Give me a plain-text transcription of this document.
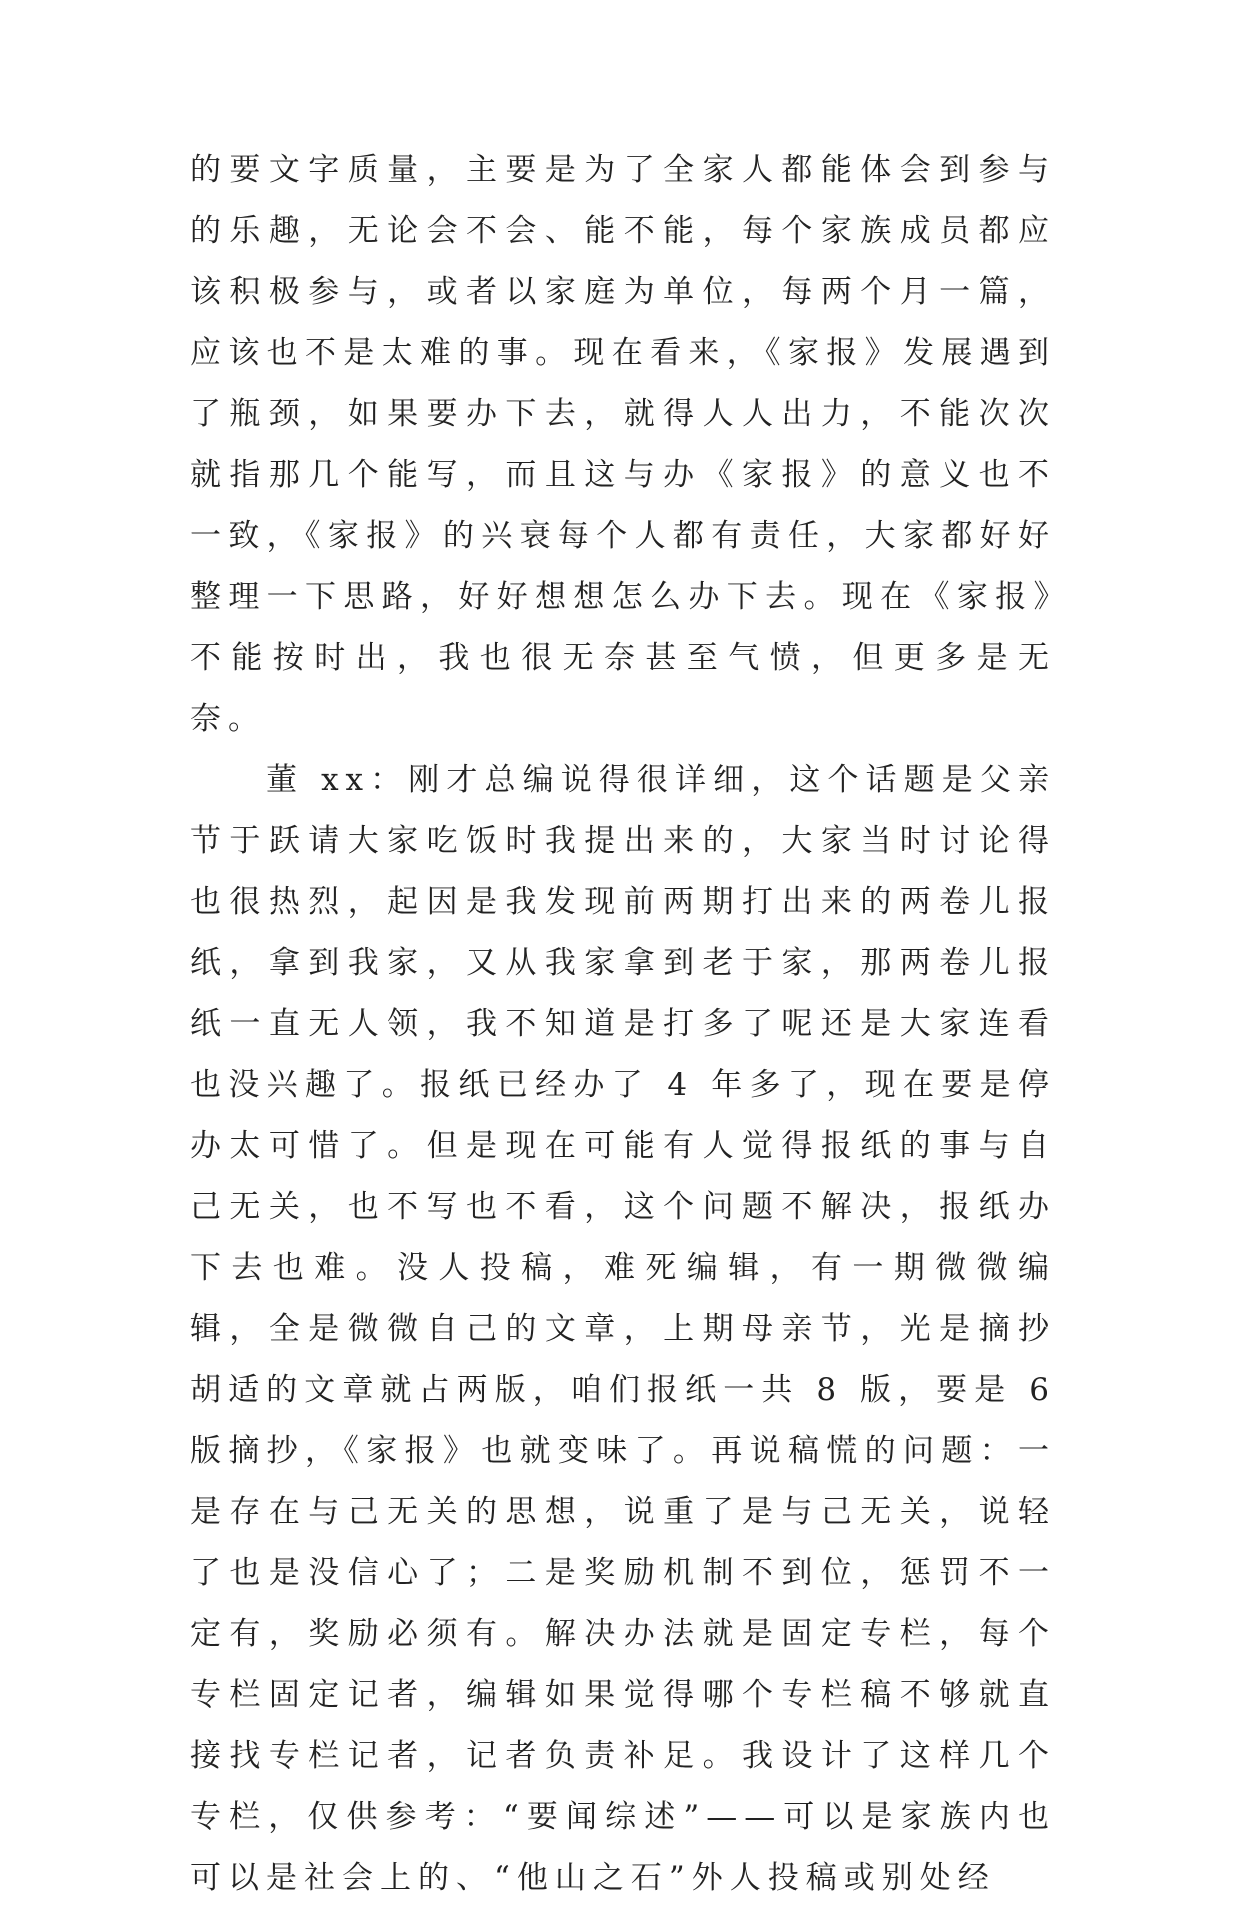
的要文字质量，主要是为了全家人都能体会到参与的乐趣，无论会不会、能不能，每个家族成员都应该积极参与，或者以家庭为单位，每两个月一篇，应该也不是太难的事。现在看来，《家报》发展遇到了瓶颈，如果要办下去，就得人人出力，不能次次就指那几个能写，而且这与办《家报》的意义也不一致，《家报》的兴衰每个人都有责任，大家都好好整理一下思路，好好想想怎么办下去。现在《家报》不能按时出，我也很无奈甚至气愤，但更多是无奈。

董 xx：刚才总编说得很详细，这个话题是父亲节于跃请大家吃饭时我提出来的，大家当时讨论得也很热烈，起因是我发现前两期打出来的两卷儿报纸，拿到我家，又从我家拿到老于家，那两卷儿报纸一直无人领，我不知道是打多了呢还是大家连看也没兴趣了。报纸已经办了 4 年多了，现在要是停办太可惜了。但是现在可能有人觉得报纸的事与自己无关，也不写也不看，这个问题不解决，报纸办下去也难。没人投稿，难死编辑，有一期微微编辑，全是微微自己的文章，上期母亲节，光是摘抄胡适的文章就占两版，咱们报纸一共 8 版，要是 6 版摘抄，《家报》也就变味了。再说稿慌的问题：一是存在与己无关的思想，说重了是与己无关，说轻了也是没信心了；二是奖励机制不到位，惩罚不一定有，奖励必须有。解决办法就是固定专栏，每个专栏固定记者，编辑如果觉得哪个专栏稿不够就直接找专栏记者，记者负责补足。我设计了这样几个专栏，仅供参考：“要闻综述”——可以是家族内也可以是社会上的、“他山之石”外人投稿或别处经
